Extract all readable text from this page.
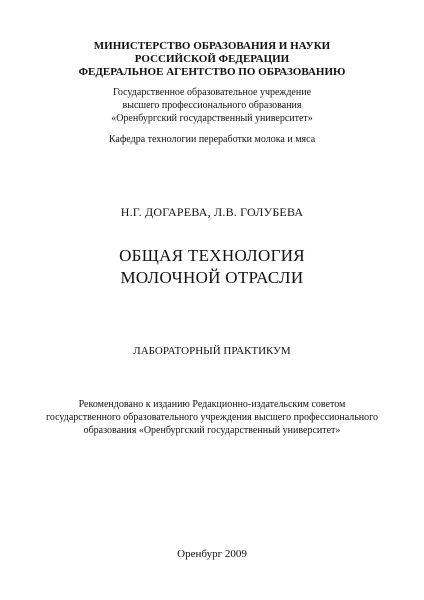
МИНИСТЕРСТВО ОБРАЗОВАНИЯ И НАУКИ
РОССИЙСКОЙ ФЕДЕРАЦИИ
ФЕДЕРАЛЬНОЕ АГЕНТСТВО ПО ОБРАЗОВАНИЮ
Государственное образовательное учреждение
высшего профессионального образования
«Оренбургский государственный университет»
Кафедра технологии переработки молока и мяса
Н.Г. ДОГАРЕВА, Л.В. ГОЛУБЕВА
ОБЩАЯ ТЕХНОЛОГИЯ
МОЛОЧНОЙ ОТРАСЛИ
ЛАБОРАТОРНЫЙ ПРАКТИКУМ
Рекомендовано к изданию Редакционно-издательским советом
государственного образовательного учреждения высшего профессионального
образования «Оренбургский государственный университет»
Оренбург 2009
